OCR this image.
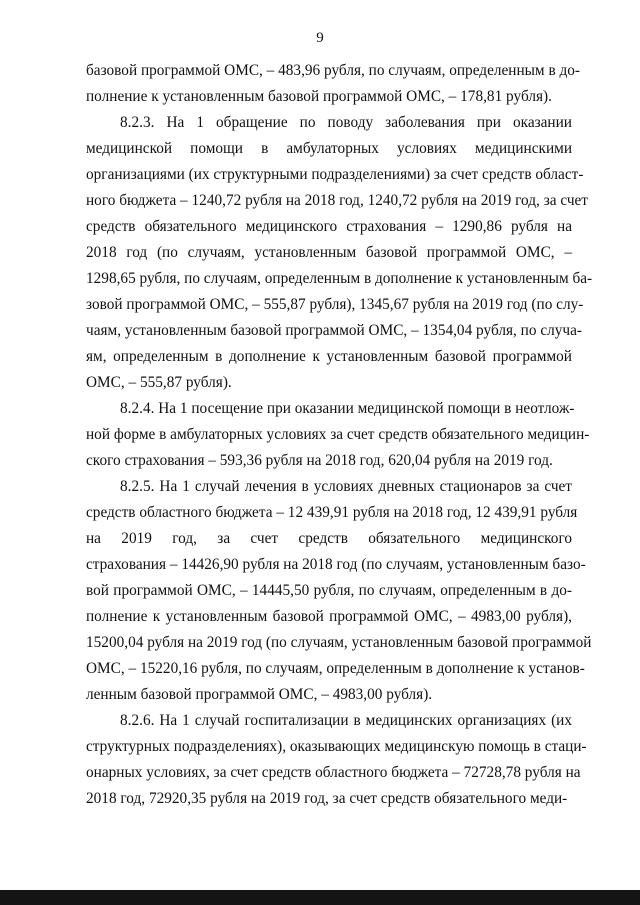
9
базовой программой ОМС, – 483,96 рубля, по случаям, определенным в до-
полнение к установленным базовой программой ОМС, – 178,81 рубля).
8.2.3. На 1 обращение по поводу заболевания при оказании
медицинской помощи в амбулаторных условиях медицинскими
организациями (их структурными подразделениями) за счет средств област-
ного бюджета – 1240,72 рубля на 2018 год, 1240,72 рубля на 2019 год, за счет
средств обязательного медицинского страхования – 1290,86 рубля на
2018 год (по случаям, установленным базовой программой ОМС, –
1298,65 рубля, по случаям, определенным в дополнение к установленным ба-
зовой программой ОМС, – 555,87 рубля), 1345,67 рубля на 2019 год (по слу-
чаям, установленным базовой программой ОМС, – 1354,04 рубля, по случа-
ям, определенным в дополнение к установленным базовой программой
ОМС, – 555,87 рубля).
8.2.4. На 1 посещение при оказании медицинской помощи в неотлож-
ной форме в амбулаторных условиях за счет средств обязательного медицин-
ского страхования – 593,36 рубля на 2018 год, 620,04 рубля на 2019 год.
8.2.5. На 1 случай лечения в условиях дневных стационаров за счет
средств областного бюджета – 12 439,91 рубля на 2018 год, 12 439,91 рубля
на 2019 год, за счет средств обязательного медицинского
страхования – 14426,90 рубля на 2018 год (по случаям, установленным базо-
вой программой ОМС, – 14445,50 рубля, по случаям, определенным в до-
полнение к установленным базовой программой ОМС, – 4983,00 рубля),
15200,04 рубля на 2019 год (по случаям, установленным базовой программой
ОМС, – 15220,16 рубля, по случаям, определенным в дополнение к установ-
ленным базовой программой ОМС, – 4983,00 рубля).
8.2.6. На 1 случай госпитализации в медицинских организациях (их
структурных подразделениях), оказывающих медицинскую помощь в стаци-
онарных условиях, за счет средств областного бюджета – 72728,78 рубля на
2018 год, 72920,35 рубля на 2019 год, за счет средств обязательного меди-
